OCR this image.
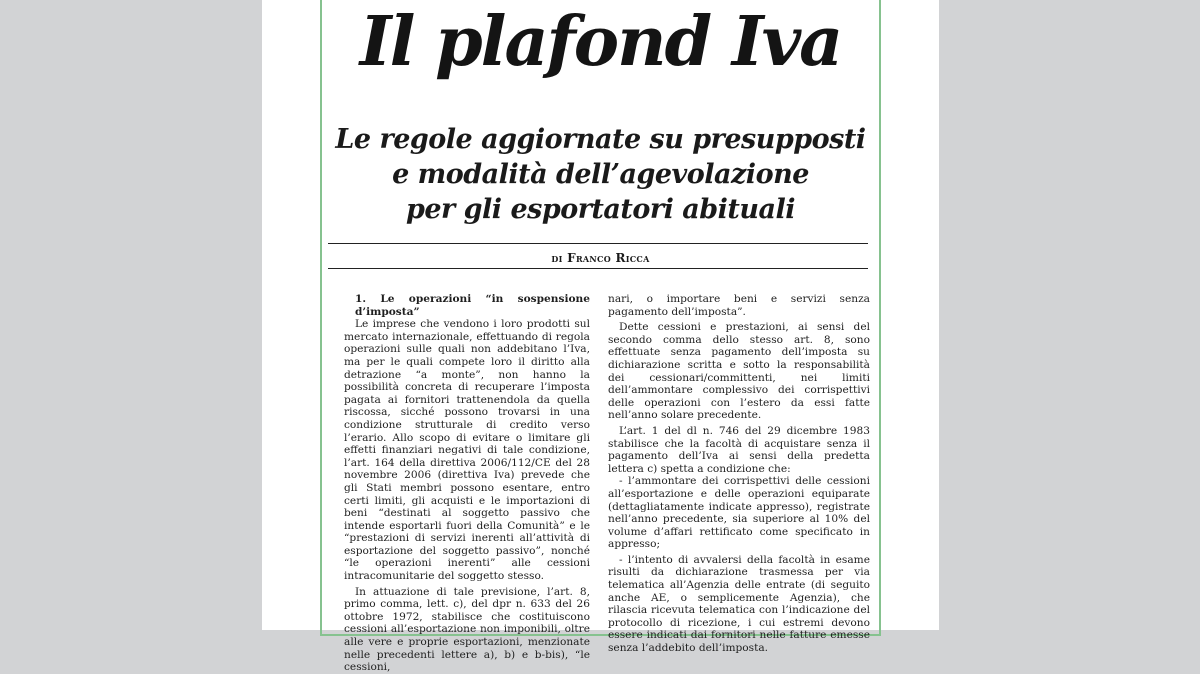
Il plafond Iva
Le regole aggiornate su presupposti
e modalità dell’agevolazione
per gli esportatori abituali
di Franco Ricca

1. Le operazioni “in sospensione d’imposta”

Le imprese che vendono i loro prodotti sul mercato internazionale, effettuando di regola operazioni sulle quali non addebitano l’Iva, ma per le quali compete loro il diritto alla detrazione “a monte”, non hanno la possibilità concreta di recuperare l’imposta pagata ai fornitori trattenendola da quella riscossa, sicché possono trovarsi in una condizione strutturale di credito verso l’erario. Allo scopo di evitare o limitare gli effetti finanziari negativi di tale condizione, l’art. 164 della direttiva 2006/112/CE del 28 novembre 2006 (direttiva Iva) prevede che gli Stati membri possono esentare, entro certi limiti, gli acquisti e le importazioni di beni “destinati al soggetto passivo che intende esportarli fuori della Comunità” e le “prestazioni di servizi inerenti all’attività di esportazione del soggetto passivo”, nonché “le operazioni inerenti” alle cessioni intracomunitarie del soggetto stesso.

In attuazione di tale previsione, l’art. 8, primo comma, lett. c), del dpr n. 633 del 26 ottobre 1972, stabilisce che costituiscono cessioni all’esportazione non imponibili, oltre alle vere e proprie esportazioni, menzionate nelle precedenti lettere a), b) e b-bis), “le cessioni,

nari, o importare beni e servizi senza pagamento dell’imposta”.

Dette cessioni e prestazioni, ai sensi del secondo comma dello stesso art. 8, sono effettuate senza pagamento dell’imposta su dichiarazione scritta e sotto la responsabilità dei cessionari/committenti, nei limiti dell’ammontare complessivo dei corrispettivi delle operazioni con l’estero da essi fatte nell’anno solare precedente.

L’art. 1 del dl n. 746 del 29 dicembre 1983 stabilisce che la facoltà di acquistare senza il pagamento dell’Iva ai sensi della predetta lettera c) spetta a condizione che:

- l’ammontare dei corrispettivi delle cessioni all’esportazione e delle operazioni equiparate (dettagliatamente indicate appresso), registrate nell’anno precedente, sia superiore al 10% del volume d’affari rettificato come specificato in appresso;

- l’intento di avvalersi della facoltà in esame risulti da dichiarazione trasmessa per via telematica all’Agenzia delle entrate (di seguito anche AE, o semplicemente Agenzia), che rilascia ricevuta telematica con l’indicazione del protocollo di ricezione, i cui estremi devono essere indicati dai fornitori nelle fatture emesse senza l’addebito dell’imposta.
